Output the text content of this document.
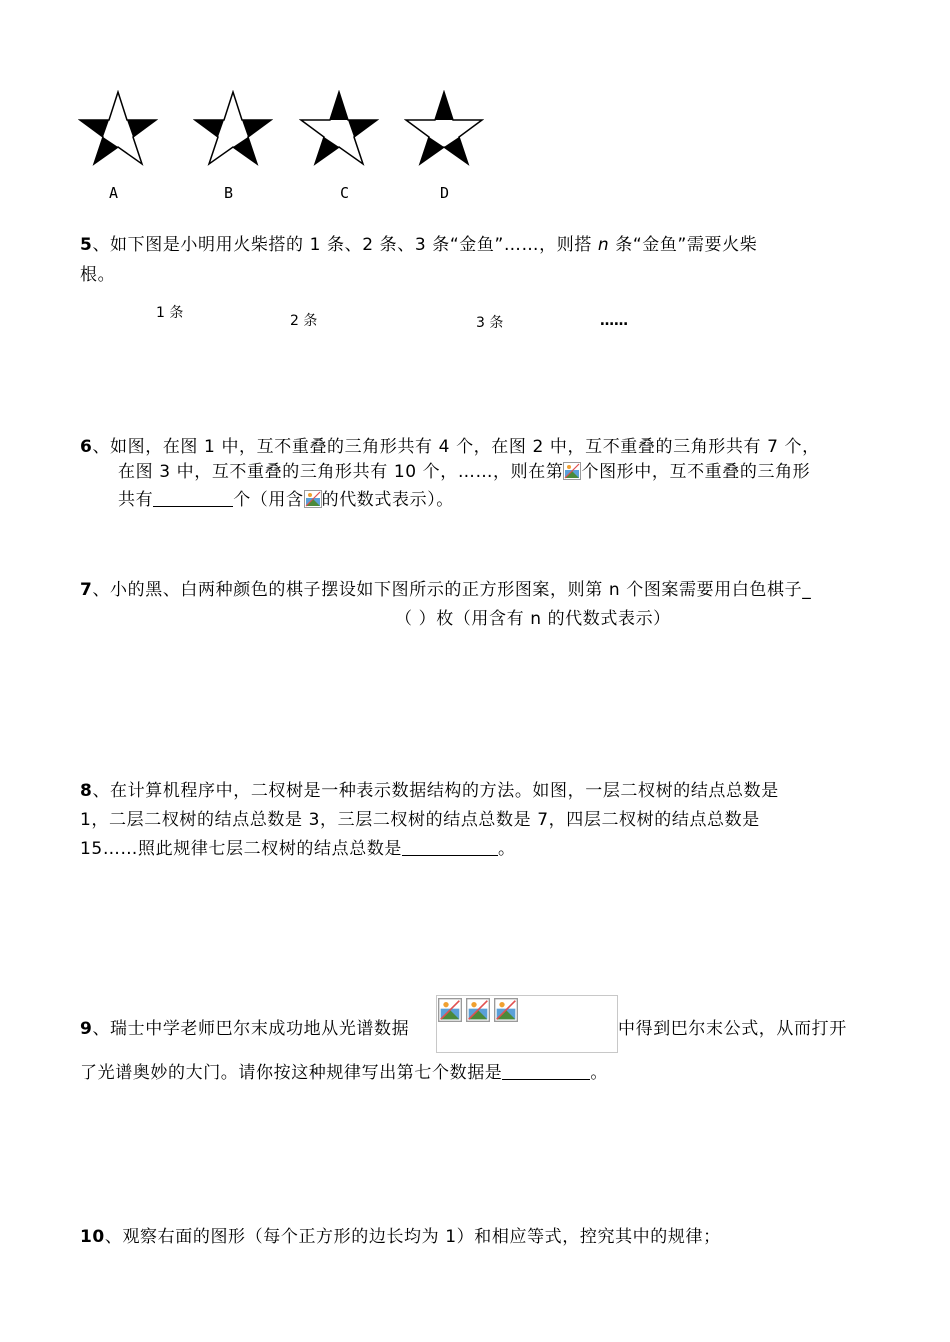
A	B	C	D
5、如下图是小明用火柴搭的 1 条、2 条、3 条“金鱼”……，则搭 n 条“金鱼”需要火柴
根。
1 条	2 条	3 条	……
6、如图，在图 1 中，互不重叠的三角形共有 4 个，在图 2 中，互不重叠的三角形共有 7 个，
在图 3 中，互不重叠的三角形共有 10 个，……，则在第 个图形中，互不重叠的三角形
共有	个（用含 的代数式表示）。
7、小的黑、白两种颜色的棋子摆设如下图所示的正方形图案，则第 n 个图案需要用白色棋子_
（ ）枚（用含有 n 的代数式表示）
8、在计算机程序中，二杈树是一种表示数据结构的方法。如图，一层二杈树的结点总数是
1，二层二杈树的结点总数是 3，三层二杈树的结点总数是 7，四层二杈树的结点总数是
15……照此规律七层二杈树的结点总数是	。
9、瑞士中学老师巴尔末成功地从光谱数据	中得到巴尔末公式，从而打开
了光谱奥妙的大门。请你按这种规律写出第七个数据是	。
10、观察右面的图形（每个正方形的边长均为 1）和相应等式，控究其中的规律；
